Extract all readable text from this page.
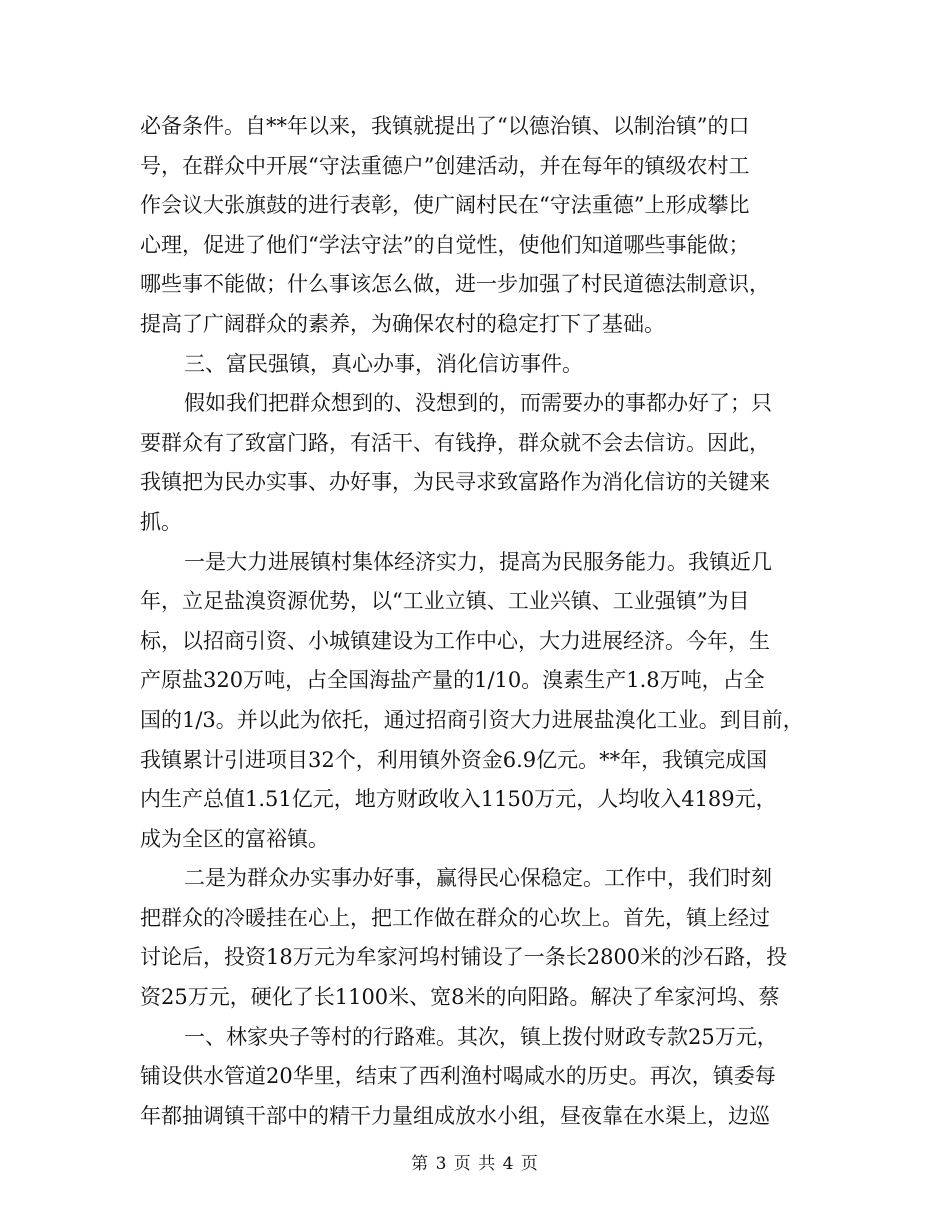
必备条件。自**年以来，我镇就提出了“以德治镇、以制治镇”的口
号，在群众中开展“守法重德户”创建活动，并在每年的镇级农村工
作会议大张旗鼓的进行表彰，使广阔村民在“守法重德”上形成攀比
心理，促进了他们“学法守法”的自觉性，使他们知道哪些事能做；
哪些事不能做；什么事该怎么做，进一步加强了村民道德法制意识，
提高了广阔群众的素养，为确保农村的稳定打下了基础。
三、富民强镇，真心办事，消化信访事件。
假如我们把群众想到的、没想到的，而需要办的事都办好了；只
要群众有了致富门路，有活干、有钱挣，群众就不会去信访。因此，
我镇把为民办实事、办好事，为民寻求致富路作为消化信访的关键来
抓。
一是大力进展镇村集体经济实力，提高为民服务能力。我镇近几
年，立足盐溴资源优势，以“工业立镇、工业兴镇、工业强镇”为目
标，以招商引资、小城镇建设为工作中心，大力进展经济。今年，生
产原盐320万吨，占全国海盐产量的1/10。溴素生产1.8万吨，占全
国的1/3。并以此为依托，通过招商引资大力进展盐溴化工业。到目前，
我镇累计引进项目32个，利用镇外资金6.9亿元。**年，我镇完成国
内生产总值1.51亿元，地方财政收入1150万元，人均收入4189元，
成为全区的富裕镇。
二是为群众办实事办好事，赢得民心保稳定。工作中，我们时刻
把群众的冷暖挂在心上，把工作做在群众的心坎上。首先，镇上经过
讨论后，投资18万元为牟家河坞村铺设了一条长2800米的沙石路，投
资25万元，硬化了长1100米、宽8米的向阳路。解决了牟家河坞、蔡
一、林家央子等村的行路难。其次，镇上拨付财政专款25万元，
铺设供水管道20华里，结束了西利渔村喝咸水的历史。再次，镇委每
年都抽调镇干部中的精干力量组成放水小组，昼夜靠在水渠上，边巡
第 3 页 共 4 页
